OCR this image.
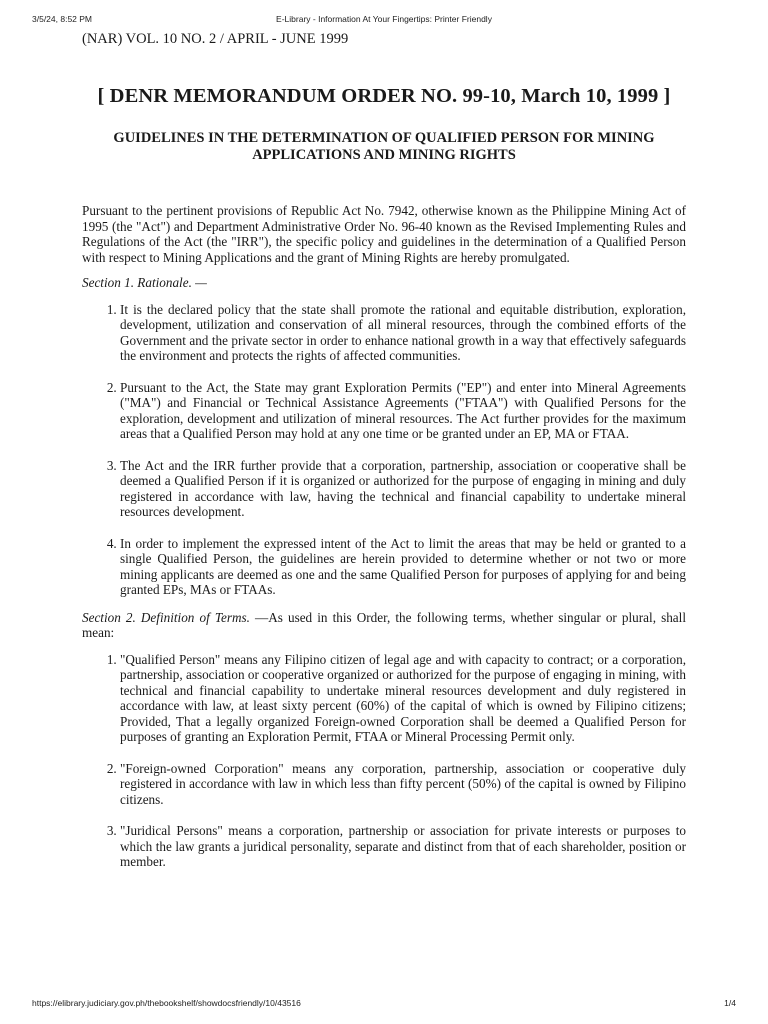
3/5/24, 8:52 PM	E-Library - Information At Your Fingertips: Printer Friendly
(NAR) VOL. 10 NO. 2 / APRIL - JUNE 1999
[ DENR MEMORANDUM ORDER NO. 99-10, March 10, 1999 ]
GUIDELINES IN THE DETERMINATION OF QUALIFIED PERSON FOR MINING APPLICATIONS AND MINING RIGHTS

Pursuant to the pertinent provisions of Republic Act No. 7942, otherwise known as the Philippine Mining Act of 1995 (the "Act") and Department Administrative Order No. 96-40 known as the Revised Implementing Rules and Regulations of the Act (the "IRR"), the specific policy and guidelines in the determination of a Qualified Person with respect to Mining Applications and the grant of Mining Rights are hereby promulgated.

Section 1. Rationale. —

1. It is the declared policy that the state shall promote the rational and equitable distribution, exploration, development, utilization and conservation of all mineral resources, through the combined efforts of the Government and the private sector in order to enhance national growth in a way that effectively safeguards the environment and protects the rights of affected communities.
2. Pursuant to the Act, the State may grant Exploration Permits ("EP") and enter into Mineral Agreements ("MA") and Financial or Technical Assistance Agreements ("FTAA") with Qualified Persons for the exploration, development and utilization of mineral resources. The Act further provides for the maximum areas that a Qualified Person may hold at any one time or be granted under an EP, MA or FTAA.
3. The Act and the IRR further provide that a corporation, partnership, association or cooperative shall be deemed a Qualified Person if it is organized or authorized for the purpose of engaging in mining and duly registered in accordance with law, having the technical and financial capability to undertake mineral resources development.
4. In order to implement the expressed intent of the Act to limit the areas that may be held or granted to a single Qualified Person, the guidelines are herein provided to determine whether or not two or more mining applicants are deemed as one and the same Qualified Person for purposes of applying for and being granted EPs, MAs or FTAAs.

Section 2. Definition of Terms. —As used in this Order, the following terms, whether singular or plural, shall mean:

1. "Qualified Person" means any Filipino citizen of legal age and with capacity to contract; or a corporation, partnership, association or cooperative organized or authorized for the purpose of engaging in mining, with technical and financial capability to undertake mineral resources development and duly registered in accordance with law, at least sixty percent (60%) of the capital of which is owned by Filipino citizens; Provided, That a legally organized Foreign-owned Corporation shall be deemed a Qualified Person for purposes of granting an Exploration Permit, FTAA or Mineral Processing Permit only.
2. "Foreign-owned Corporation" means any corporation, partnership, association or cooperative duly registered in accordance with law in which less than fifty percent (50%) of the capital is owned by Filipino citizens.
3. "Juridical Persons" means a corporation, partnership or association for private interests or purposes to which the law grants a juridical personality, separate and distinct from that of each shareholder, position or member.
https://elibrary.judiciary.gov.ph/thebookshelf/showdocsfriendly/10/43516	1/4
